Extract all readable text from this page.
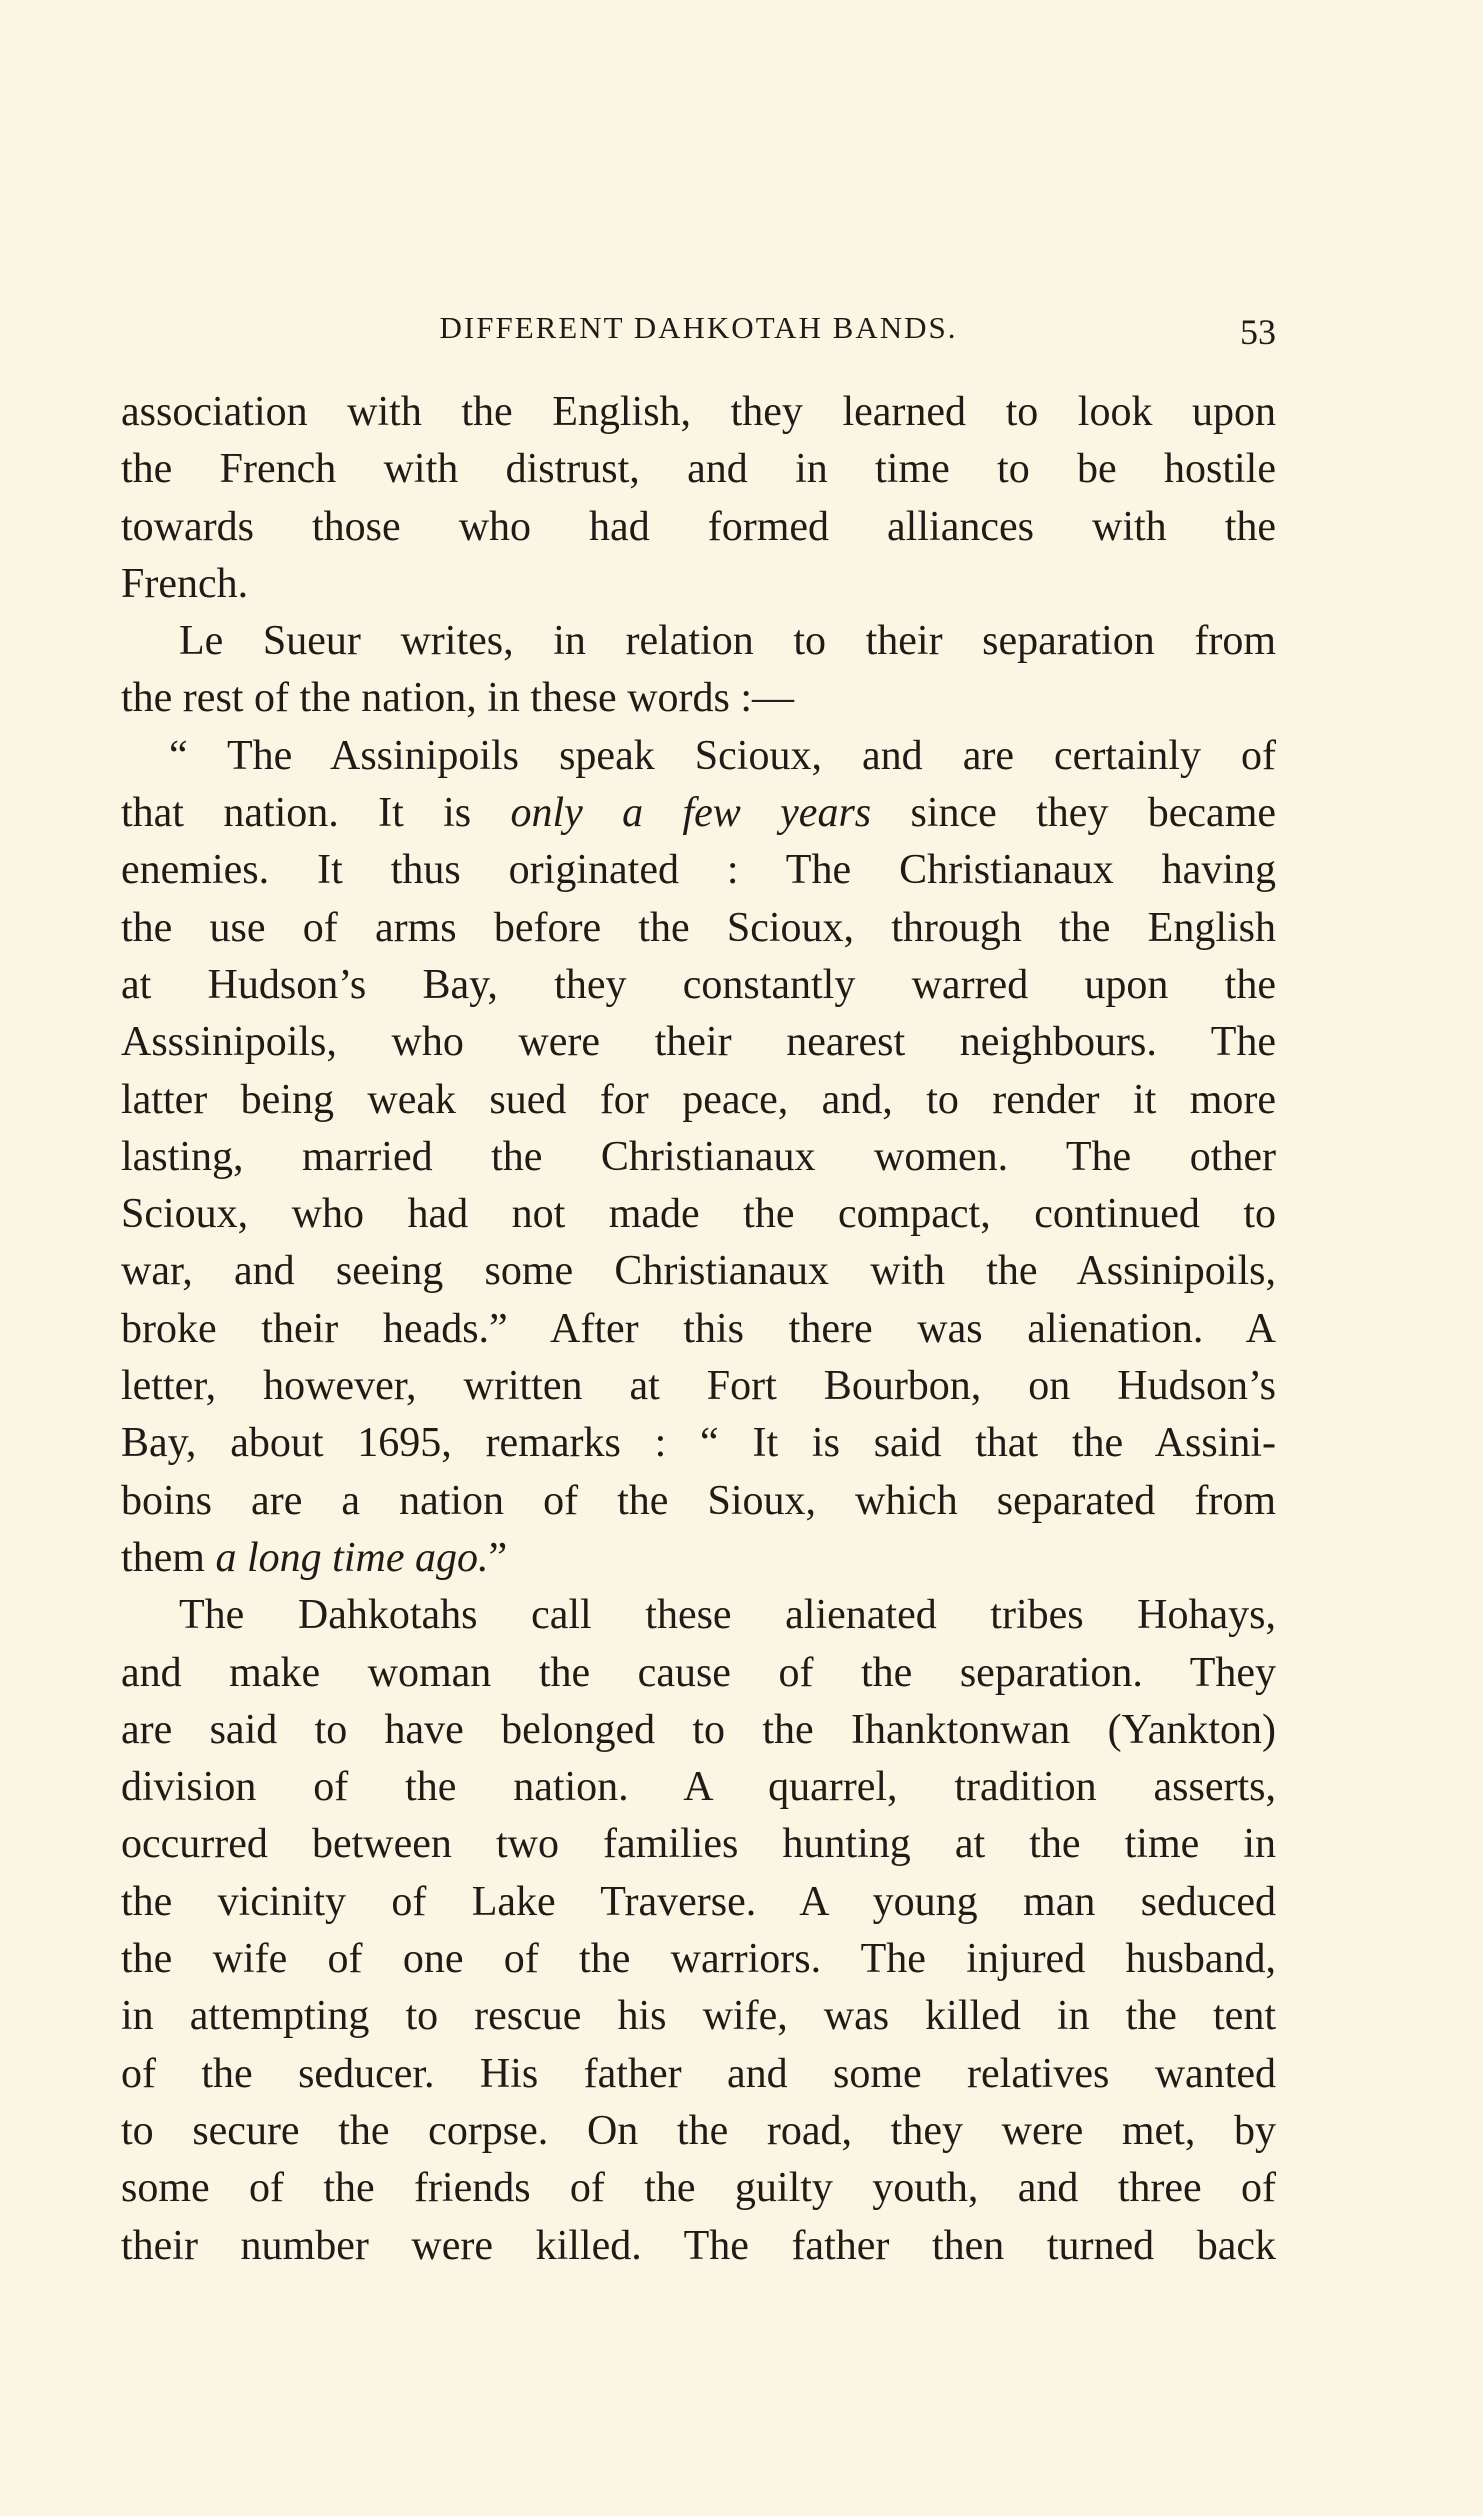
DIFFERENT DAHKOTAH BANDS.	53
association with the English, they learned to look upon
the French with distrust, and in time to be hostile
towards those who had formed alliances with the
French.
Le Sueur writes, in relation to their separation from
the rest of the nation, in these words :—
“ The Assinipoils speak Scioux, and are certainly of
that nation. It is only a few years since they became
enemies. It thus originated : The Christianaux having
the use of arms before the Scioux, through the English
at Hudson’s Bay, they constantly warred upon the
Asssinipoils, who were their nearest neighbours. The
latter being weak sued for peace, and, to render it more
lasting, married the Christianaux women. The other
Scioux, who had not made the compact, continued to
war, and seeing some Christianaux with the Assinipoils,
broke their heads.” After this there was alienation. A
letter, however, written at Fort Bourbon, on Hudson’s
Bay, about 1695, remarks : “ It is said that the Assini-
boins are a nation of the Sioux, which separated from
them a long time ago.”
The Dahkotahs call these alienated tribes Hohays,
and make woman the cause of the separation. They
are said to have belonged to the Ihanktonwan (Yankton)
division of the nation. A quarrel, tradition asserts,
occurred between two families hunting at the time in
the vicinity of Lake Traverse. A young man seduced
the wife of one of the warriors. The injured husband,
in attempting to rescue his wife, was killed in the tent
of the seducer. His father and some relatives wanted
to secure the corpse. On the road, they were met, by
some of the friends of the guilty youth, and three of
their number were killed. The father then turned back
